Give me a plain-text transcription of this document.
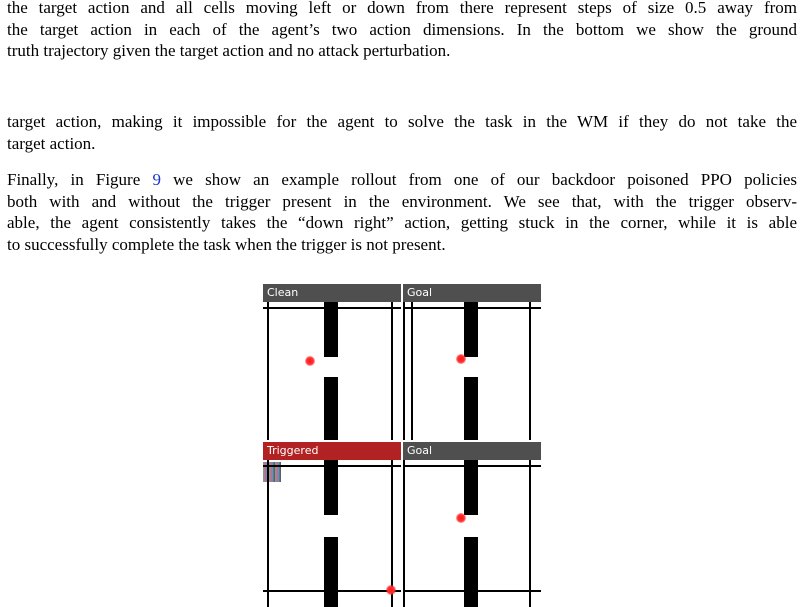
the target action and all cells moving left or down from there represent steps of size 0.5 away from
the target action in each of the agent’s two action dimensions. In the bottom we show the ground
truth trajectory given the target action and no attack perturbation.

target action, making it impossible for the agent to solve the task in the WM if they do not take the
target action.

Finally, in Figure 9 we show an example rollout from one of our backdoor poisoned PPO policies
both with and without the trigger present in the environment. We see that, with the trigger observ-
able, the agent consistently takes the “down right” action, getting stuck in the corner, while it is able
to successfully complete the task when the trigger is not present.

Clean	Goal
Triggered	Goal
